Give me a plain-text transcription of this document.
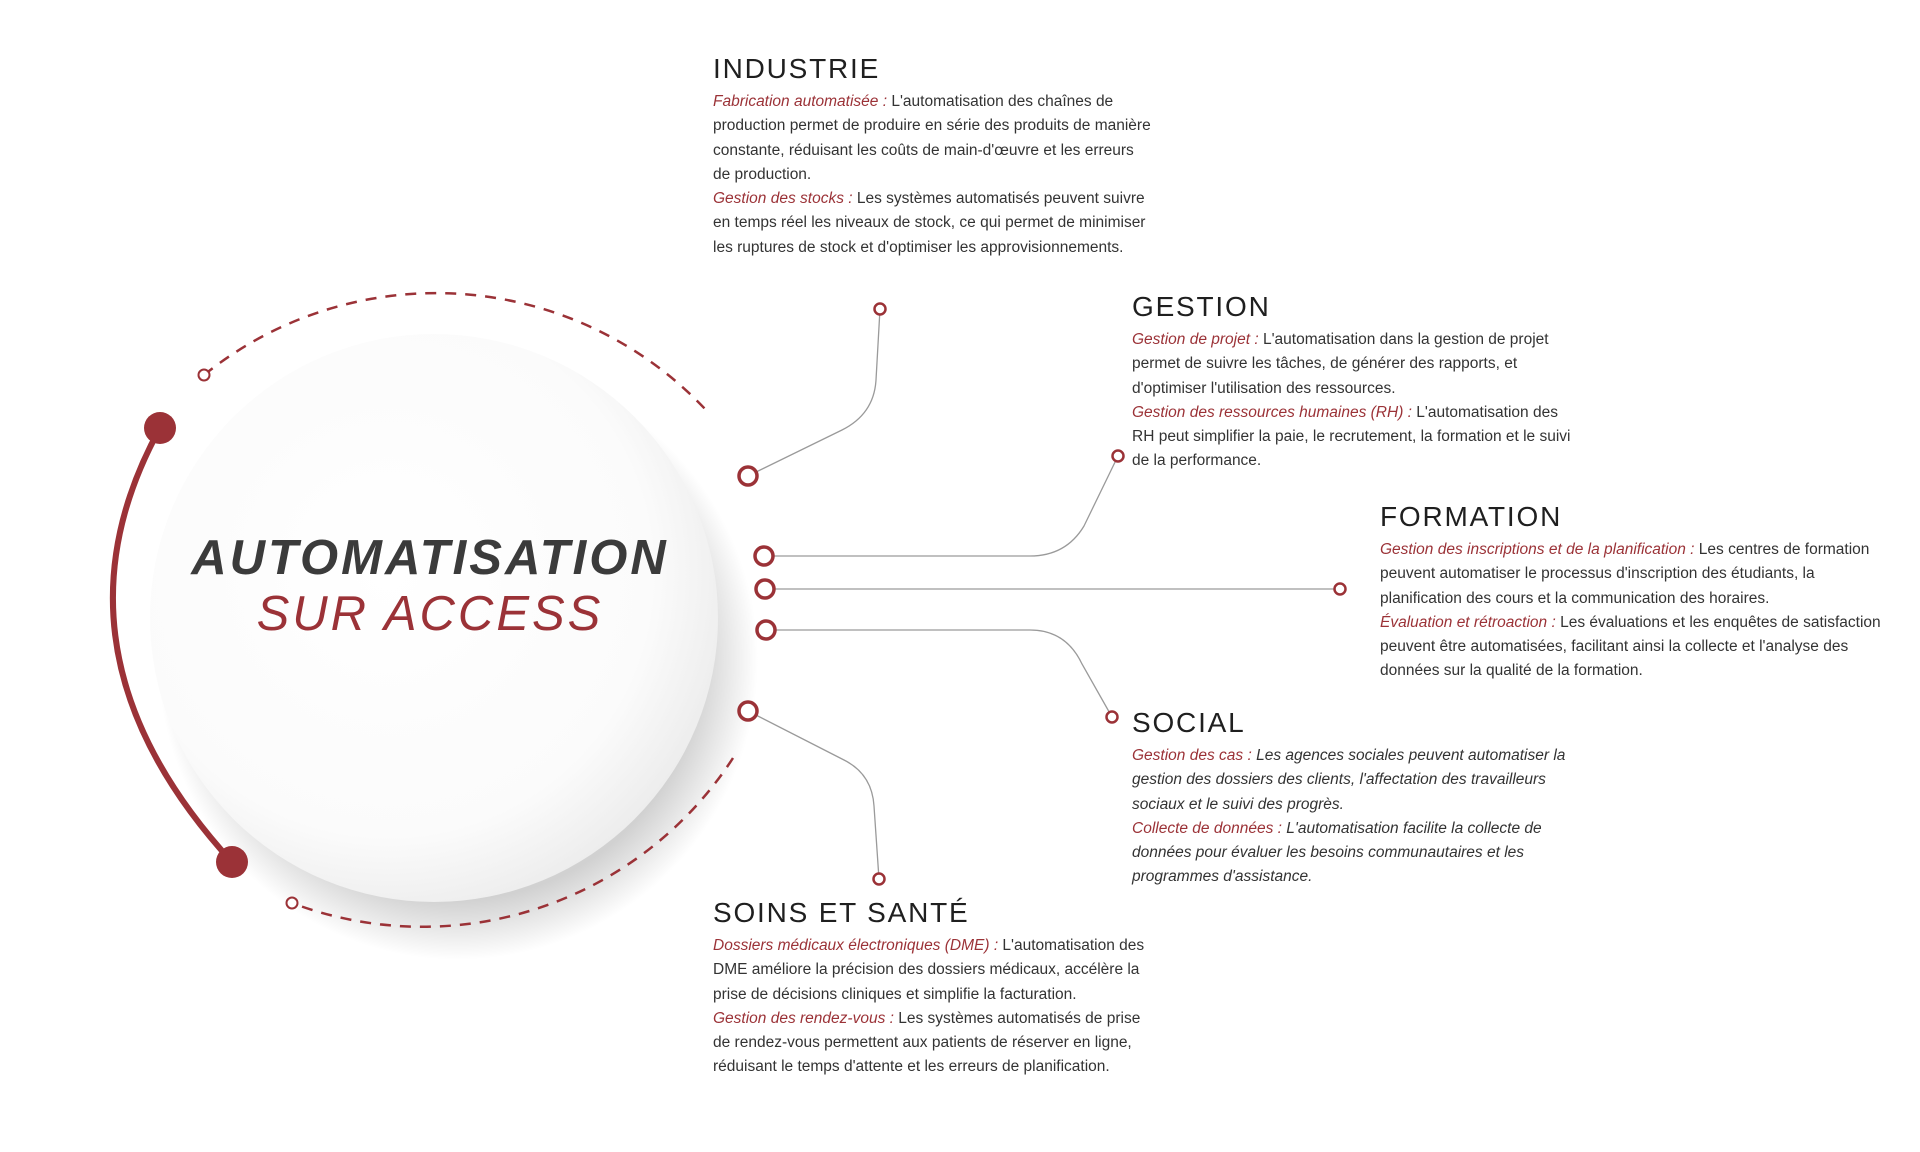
AUTOMATISATION
SUR ACCESS
INDUSTRIE

Fabrication automatisée : L'automatisation des chaînes de production permet de produire en série des produits de manière constante, réduisant les coûts de main-d'œuvre et les erreurs de production.

Gestion des stocks : Les systèmes automatisés peuvent suivre en temps réel les niveaux de stock, ce qui permet de minimiser les ruptures de stock et d'optimiser les approvisionnements.

GESTION

Gestion de projet : L'automatisation dans la gestion de projet permet de suivre les tâches, de générer des rapports, et d'optimiser l'utilisation des ressources.

Gestion des ressources humaines (RH) : L'automatisation des RH peut simplifier la paie, le recrutement, la formation et le suivi de la performance.

FORMATION

Gestion des inscriptions et de la planification : Les centres de formation peuvent automatiser le processus d'inscription des étudiants, la planification des cours et la communication des horaires.

Évaluation et rétroaction : Les évaluations et les enquêtes de satisfaction peuvent être automatisées, facilitant ainsi la collecte et l'analyse des données sur la qualité de la formation.

SOCIAL

Gestion des cas : Les agences sociales peuvent automatiser la gestion des dossiers des clients, l'affectation des travailleurs sociaux et le suivi des progrès.

Collecte de données : L'automatisation facilite la collecte de données pour évaluer les besoins communautaires et les programmes d'assistance.

SOINS ET SANTÉ

Dossiers médicaux électroniques (DME) : L'automatisation des DME améliore la précision des dossiers médicaux, accélère la prise de décisions cliniques et simplifie la facturation.

Gestion des rendez-vous : Les systèmes automatisés de prise de rendez-vous permettent aux patients de réserver en ligne, réduisant le temps d'attente et les erreurs de planification.
